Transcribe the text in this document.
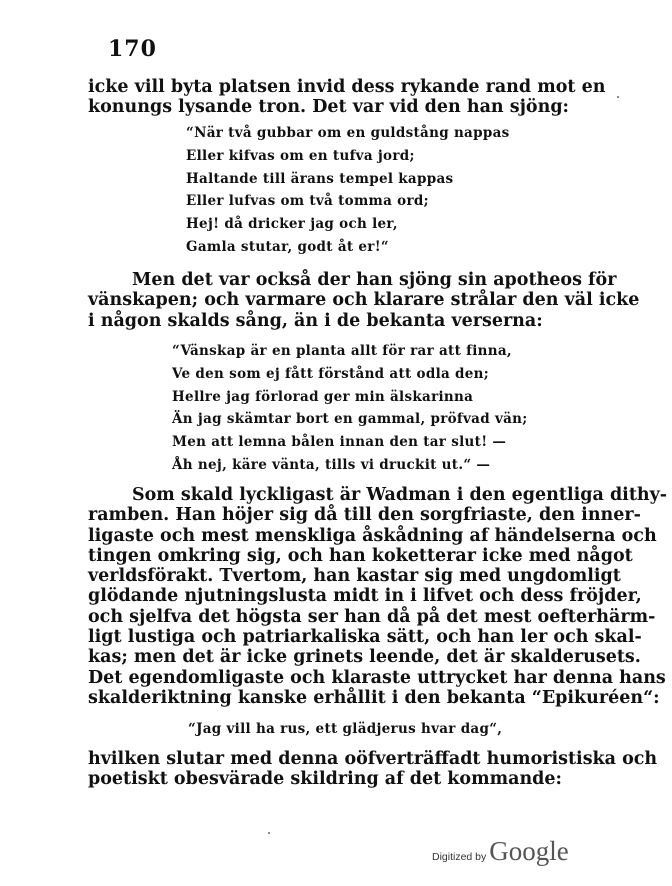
170
icke vill byta platsen invid dess rykande rand mot en
konungs lysande tron. Det var vid den han sjöng:
“När två gubbar om en guldstång nappas
Eller kifvas om en tufva jord;
Haltande till ärans tempel kappas
Eller lufvas om två tomma ord;
Hej! då dricker jag och ler,
Gamla stutar, godt åt er!“
Men det var också der han sjöng sin apotheos för
vänskapen; och varmare och klarare strålar den väl icke
i någon skalds sång, än i de bekanta verserna:
“Vänskap är en planta allt för rar att finna,
Ve den som ej fått förstånd att odla den;
Hellre jag förlorad ger min älskarinna
Än jag skämtar bort en gammal, pröfvad vän;
Men att lemna bålen innan den tar slut! —
Åh nej, käre vänta, tills vi druckit ut.“ —
Som skald lyckligast är Wadman i den egentliga dithy-
ramben. Han höjer sig då till den sorgfriaste, den inner-
ligaste och mest menskliga åskådning af händelserna och
tingen omkring sig, och han koketterar icke med något
verldsförakt. Tvertom, han kastar sig med ungdomligt
glödande njutningslusta midt in i lifvet och dess fröjder,
och sjelfva det högsta ser han då på det mest oefterhärm-
ligt lustiga och patriarkaliska sätt, och han ler och skal-
kas; men det är icke grinets leende, det är skalderusets.
Det egendomligaste och klaraste uttrycket har denna hans
skalderiktning kanske erhållit i den bekanta “Epikuréen“:
“Jag vill ha rus, ett glädjerus hvar dag“,
hvilken slutar med denna oöfverträffadt humoristiska och
poetiskt obesvärade skildring af det kommande:
Digitized by Google
